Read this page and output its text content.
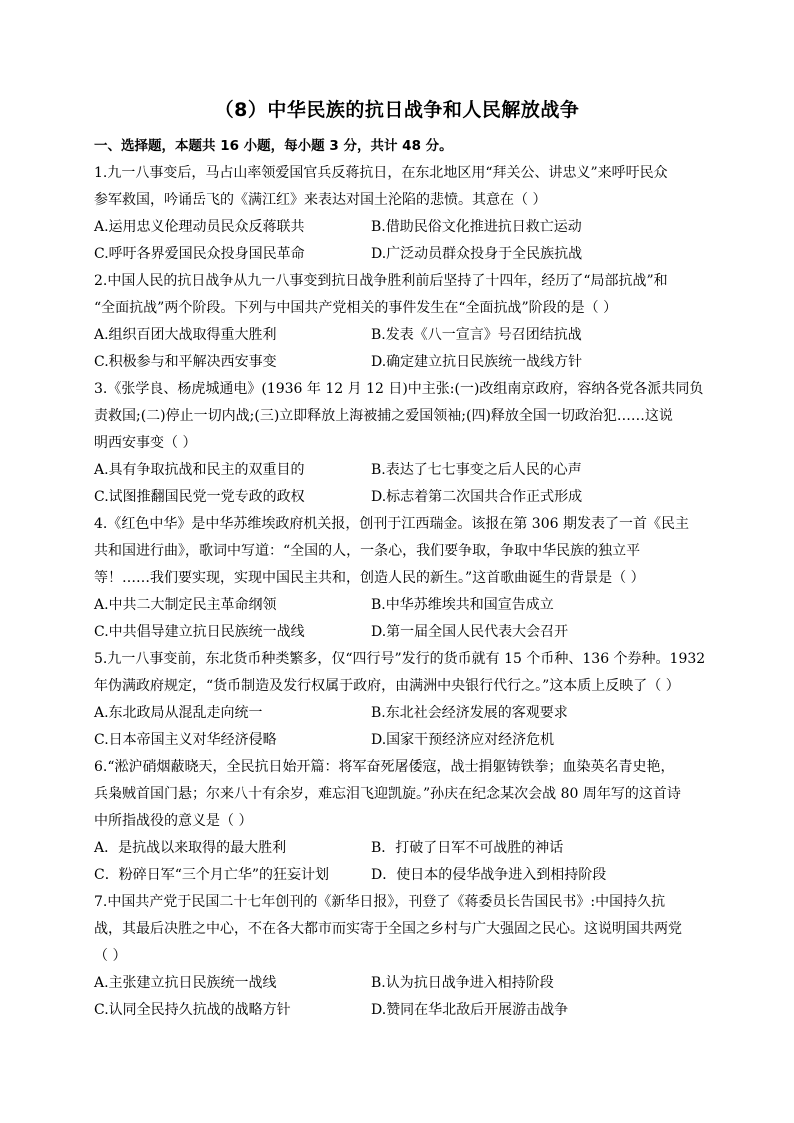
（8）中华民族的抗日战争和人民解放战争
一、选择题，本题共 16 小题，每小题 3 分，共计 48 分。
1.九一八事变后，马占山率领爱国官兵反蒋抗日，在东北地区用“拜关公、讲忠义”来呼吁民众
参军救国，吟诵岳飞的《满江红》来表达对国土沦陷的悲愤。其意在（ ）
A.运用忠义伦理动员民众反蒋联共	B.借助民俗文化推进抗日救亡运动
C.呼吁各界爱国民众投身国民革命	D.广泛动员群众投身于全民族抗战
2.中国人民的抗日战争从九一八事变到抗日战争胜利前后坚持了十四年，经历了“局部抗战”和
“全面抗战”两个阶段。下列与中国共产党相关的事件发生在“全面抗战”阶段的是（ ）
A.组织百团大战取得重大胜利	B.发表《八一宣言》号召团结抗战
C.积极参与和平解决西安事变	D.确定建立抗日民族统一战线方针
3.《张学良、杨虎城通电》(1936 年 12 月 12 日)中主张:(一)改组南京政府，容纳各党各派共同负
责救国;(二)停止一切内战;(三)立即释放上海被捕之爱国领袖;(四)释放全国一切政治犯……这说
明西安事变（ ）
A.具有争取抗战和民主的双重目的	B.表达了七七事变之后人民的心声
C.试图推翻国民党一党专政的政权	D.标志着第二次国共合作正式形成
4.《红色中华》是中华苏维埃政府机关报，创刊于江西瑞金。该报在第 306 期发表了一首《民主
共和国进行曲》，歌词中写道：“全国的人，一条心，我们要争取，争取中华民族的独立平
等！……我们要实现，实现中国民主共和，创造人民的新生。”这首歌曲诞生的背景是（ ）
A.中共二大制定民主革命纲领	B.中华苏维埃共和国宣告成立
C.中共倡导建立抗日民族统一战线	D.第一届全国人民代表大会召开
5.九一八事变前，东北货币种类繁多，仅“四行号”发行的货币就有 15 个币种、136 个券种。1932
年伪满政府规定，“货币制造及发行权属于政府，由满洲中央银行代行之。”这本质上反映了（ ）
A.东北政局从混乱走向统一	B.东北社会经济发展的客观要求
C.日本帝国主义对华经济侵略	D.国家干预经济应对经济危机
6.“淞沪硝烟蔽晓天，全民抗日始开篇：将军奋死屠倭寇，战士捐躯铸铁拳；血染英名青史艳，
兵枭贼首国门悬；尔来八十有余岁，难忘泪飞迎凯旋。”孙庆在纪念某次会战 80 周年写的这首诗
中所指战役的意义是（ ）
A．是抗战以来取得的最大胜利	B．打破了日军不可战胜的神话
C．粉碎日军“三个月亡华”的狂妄计划	D．使日本的侵华战争进入到相持阶段
7.中国共产党于民国二十七年创刊的《新华日报》，刊登了《蒋委员长告国民书》:中国持久抗
战，其最后决胜之中心，不在各大都市而实寄于全国之乡村与广大强固之民心。这说明国共两党
（ ）
A.主张建立抗日民族统一战线	B.认为抗日战争进入相持阶段
C.认同全民持久抗战的战略方针	D.赞同在华北敌后开展游击战争
